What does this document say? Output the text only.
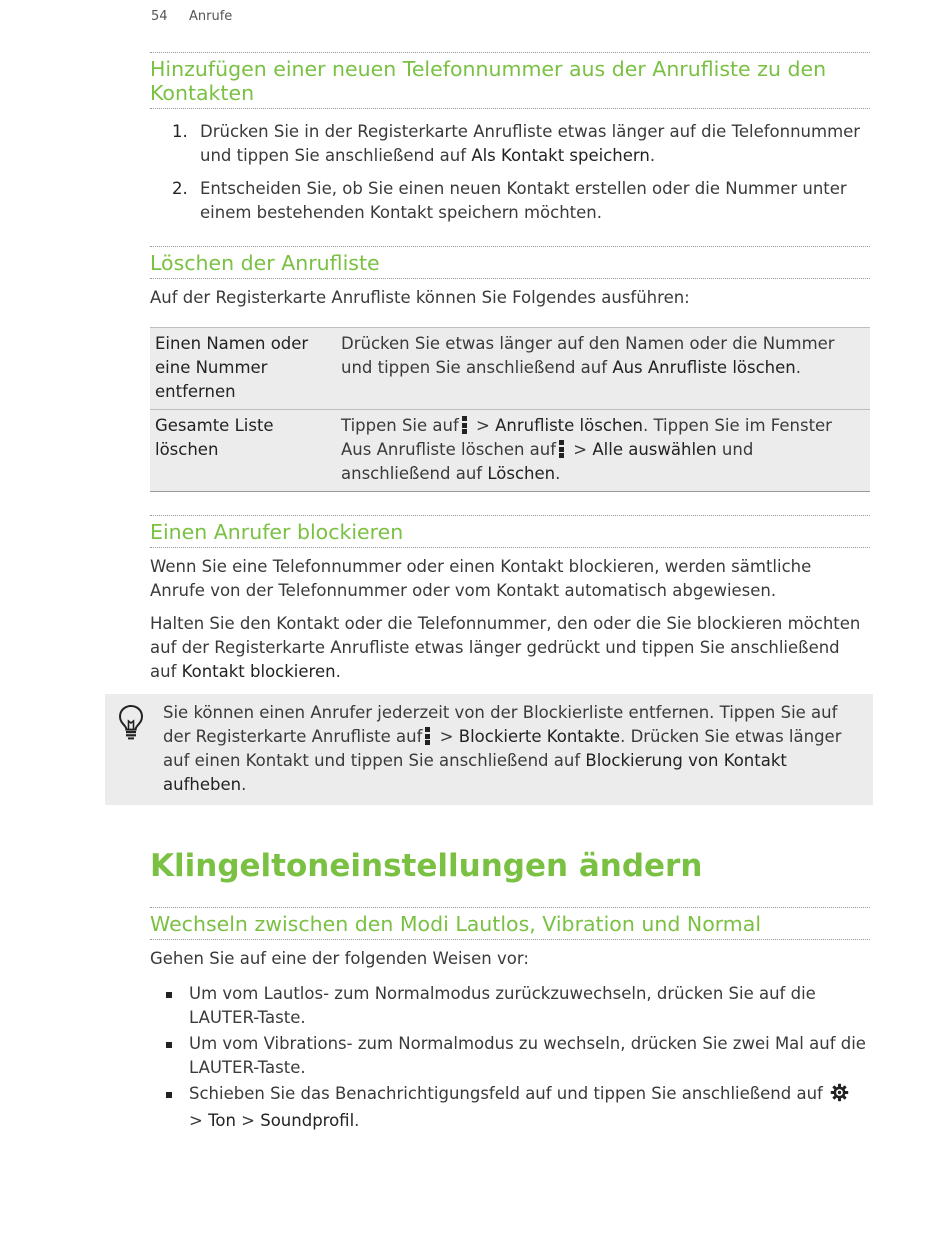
54 Anrufe
Hinzufügen einer neuen Telefonnummer aus der Anrufliste zu den Kontakten
1. Drücken Sie in der Registerkarte Anrufliste etwas länger auf die Telefonnummer und tippen Sie anschließend auf Als Kontakt speichern.
2. Entscheiden Sie, ob Sie einen neuen Kontakt erstellen oder die Nummer unter einem bestehenden Kontakt speichern möchten.
Löschen der Anrufliste

Auf der Registerkarte Anrufliste können Sie Folgendes ausführen:

Einen Namen oder eine Nummer entfernen
Drücken Sie etwas länger auf den Namen oder die Nummer und tippen Sie anschließend auf Aus Anrufliste löschen.
Gesamte Liste löschen
Tippen Sie auf
> Anrufliste löschen. Tippen Sie im Fenster Aus Anrufliste löschen auf
> Alle auswählen und anschließend auf Löschen.
Einen Anrufer blockieren

Wenn Sie eine Telefonnummer oder einen Kontakt blockieren, werden sämtliche Anrufe von der Telefonnummer oder vom Kontakt automatisch abgewiesen.

Halten Sie den Kontakt oder die Telefonnummer, den oder die Sie blockieren möchten auf der Registerkarte Anrufliste etwas länger gedrückt und tippen Sie anschließend auf Kontakt blockieren.

Klingeltoneinstellungen ändern
Wechseln zwischen den Modi Lautlos, Vibration und Normal

Gehen Sie auf eine der folgenden Weisen vor:

Um vom Lautlos- zum Normalmodus zurückzuwechseln, drücken Sie auf die LAUTER-Taste.
Um vom Vibrations- zum Normalmodus zu wechseln, drücken Sie zwei Mal auf die LAUTER-Taste.
Schieben Sie das Benachrichtigungsfeld auf und tippen Sie anschließend auf  > Ton > Soundprofil.

Sie können einen Anrufer jederzeit von der Blockierliste entfernen. Tippen Sie auf der Registerkarte Anrufliste auf
> Blockierte Kontakte. Drücken Sie etwas länger auf einen Kontakt und tippen Sie anschließend auf Blockierung von Kontakt aufheben.
